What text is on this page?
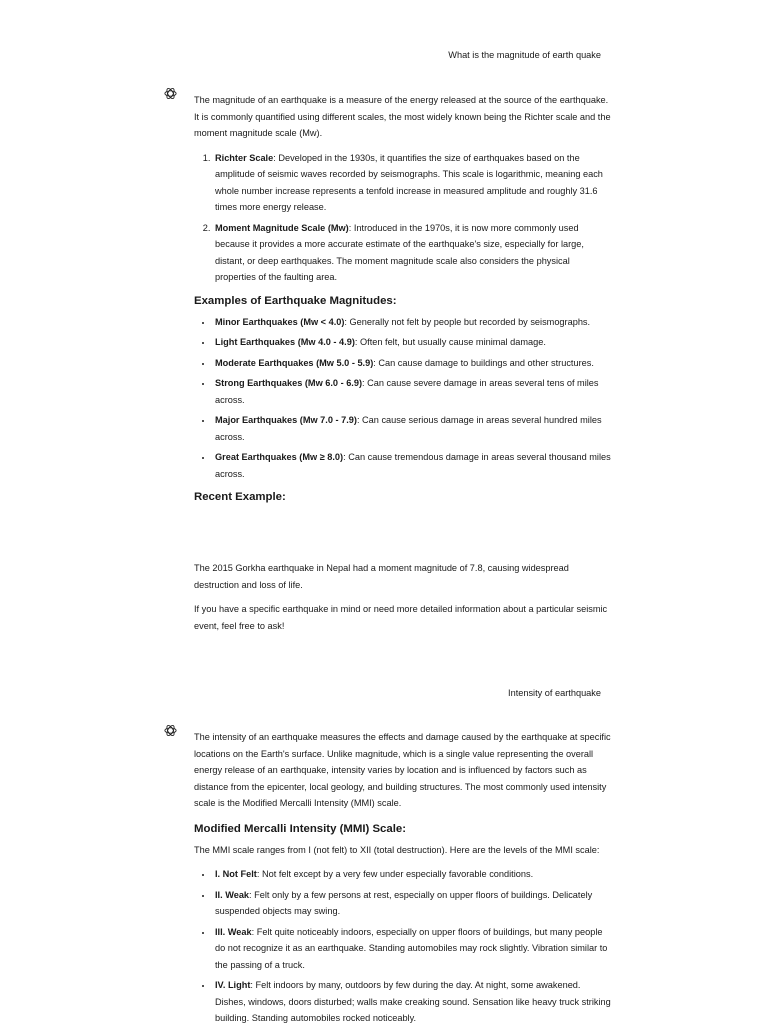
What is the magnitude of earth quake

The magnitude of an earthquake is a measure of the energy released at the source of the earthquake. It is commonly quantified using different scales, the most widely known being the Richter scale and the moment magnitude scale (Mw).

1. Richter Scale: Developed in the 1930s, it quantifies the size of earthquakes based on the amplitude of seismic waves recorded by seismographs. This scale is logarithmic, meaning each whole number increase represents a tenfold increase in measured amplitude and roughly 31.6 times more energy release.
2. Moment Magnitude Scale (Mw): Introduced in the 1970s, it is now more commonly used because it provides a more accurate estimate of the earthquake's size, especially for large, distant, or deep earthquakes. The moment magnitude scale also considers the physical properties of the faulting area.
Examples of Earthquake Magnitudes:
• Minor Earthquakes (Mw < 4.0): Generally not felt by people but recorded by seismographs.
• Light Earthquakes (Mw 4.0 - 4.9): Often felt, but usually cause minimal damage.
• Moderate Earthquakes (Mw 5.0 - 5.9): Can cause damage to buildings and other structures.
• Strong Earthquakes (Mw 6.0 - 6.9): Can cause severe damage in areas several tens of miles across.
• Major Earthquakes (Mw 7.0 - 7.9): Can cause serious damage in areas several hundred miles across.
• Great Earthquakes (Mw ≥ 8.0): Can cause tremendous damage in areas several thousand miles across.
Recent Example:

The 2015 Gorkha earthquake in Nepal had a moment magnitude of 7.8, causing widespread destruction and loss of life.

If you have a specific earthquake in mind or need more detailed information about a particular seismic event, feel free to ask!

Intensity of earthquake

The intensity of an earthquake measures the effects and damage caused by the earthquake at specific locations on the Earth's surface. Unlike magnitude, which is a single value representing the overall energy release of an earthquake, intensity varies by location and is influenced by factors such as distance from the epicenter, local geology, and building structures. The most commonly used intensity scale is the Modified Mercalli Intensity (MMI) scale.

Modified Mercalli Intensity (MMI) Scale:

The MMI scale ranges from I (not felt) to XII (total destruction). Here are the levels of the MMI scale:

• I. Not Felt: Not felt except by a very few under especially favorable conditions.
• II. Weak: Felt only by a few persons at rest, especially on upper floors of buildings. Delicately suspended objects may swing.
• III. Weak: Felt quite noticeably indoors, especially on upper floors of buildings, but many people do not recognize it as an earthquake. Standing automobiles may rock slightly. Vibration similar to the passing of a truck.
• IV. Light: Felt indoors by many, outdoors by few during the day. At night, some awakened. Dishes, windows, doors disturbed; walls make creaking sound. Sensation like heavy truck striking building. Standing automobiles rocked noticeably.
